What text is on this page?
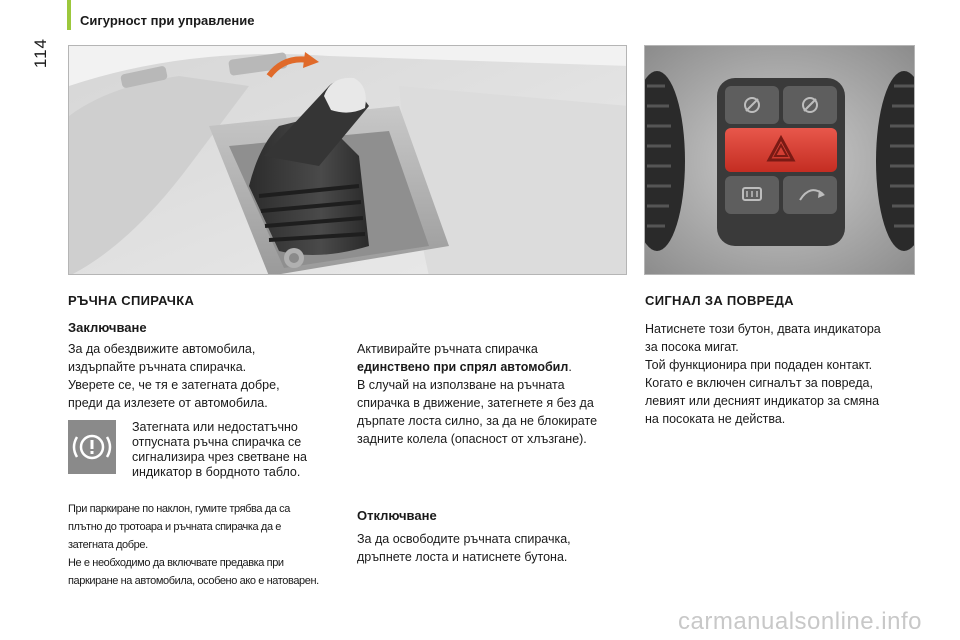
Сигурност при управление
114
РЪЧНА СПИРАЧКА
Заключване
За да обездвижите автомобила,
издърпайте ръчната спирачка.
Уверете се, че тя е затегната добре,
преди да излезете от автомобила.
Затегната или недостатъчно
отпусната ръчна спирачка се
сигнализира чрез светване на
индикатор в бордното табло.
При паркиране по наклон, гумите трябва да са
плътно до тротоара и ръчната спирачка да е
затегната добре.
Не е необходимо да включвате предавка при
паркиране на автомобила, особено ако е натоварен.

Активирайте ръчната спирачка
единствено при спрял автомобил.
В случай на използване на ръчната
спирачка в движение, затегнете я без да
дърпате лоста силно, за да не блокирате
задните колела (опасност от хлъзгане).

Отключване
За да освободите ръчната спирачка,
дръпнете лоста и натиснете бутона.
СИГНАЛ ЗА ПОВРЕДА
Натиснете този бутон, двата индикатора
за посока мигат.
Той функционира при подаден контакт.
Когато е включен сигналът за повреда,
левият или десният индикатор за смяна
на посоката не действа.
carmanualsonline.info
